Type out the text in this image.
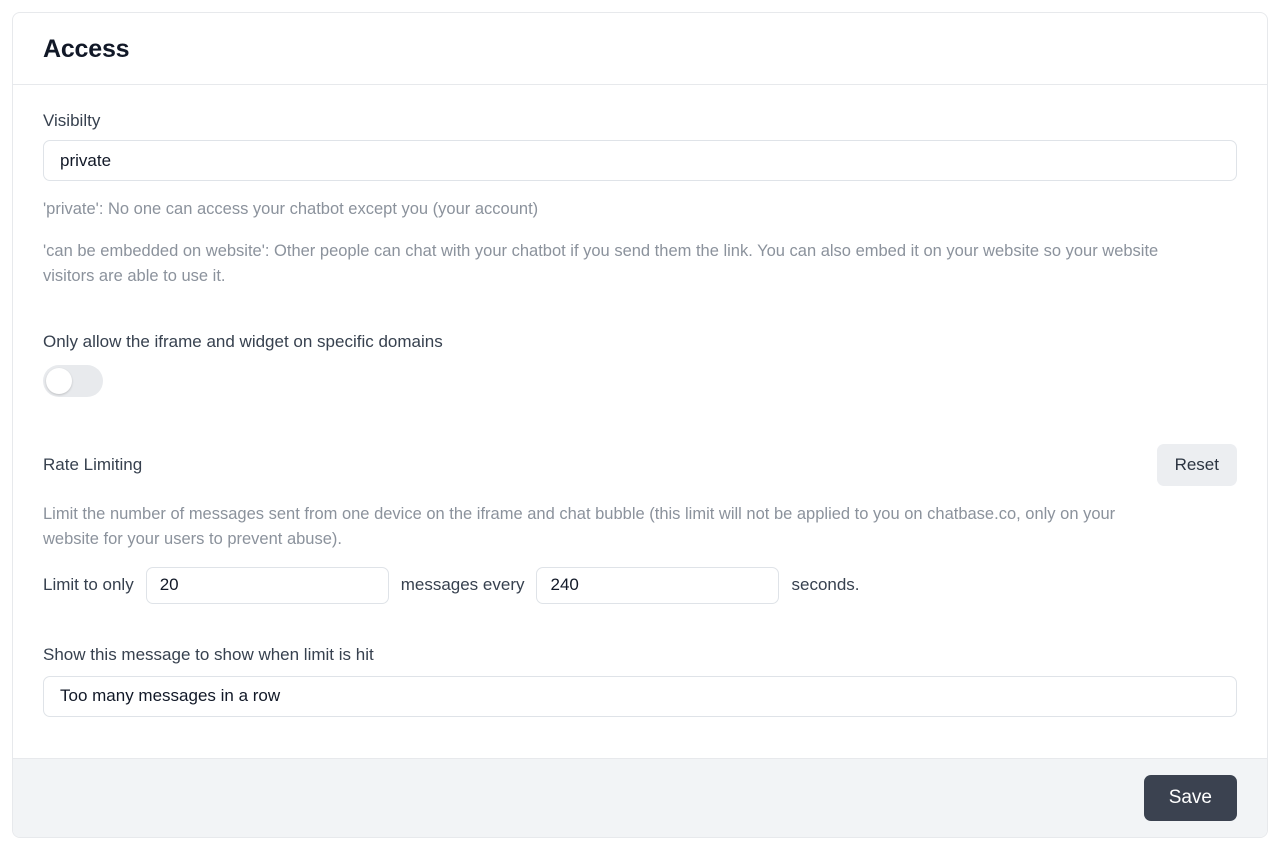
Access
Visibilty
private
'private': No one can access your chatbot except you (your account)
'can be embedded on website': Other people can chat with your chatbot if you send them the link. You can also embed it on your website so your website visitors are able to use it.
Only allow the iframe and widget on specific domains
Rate Limiting	Reset
Limit the number of messages sent from one device on the iframe and chat bubble (this limit will not be applied to you on chatbase.co, only on your website for your users to prevent abuse).
Limit to only	20	messages every	240	seconds.
Show this message to show when limit is hit
Too many messages in a row
Save
